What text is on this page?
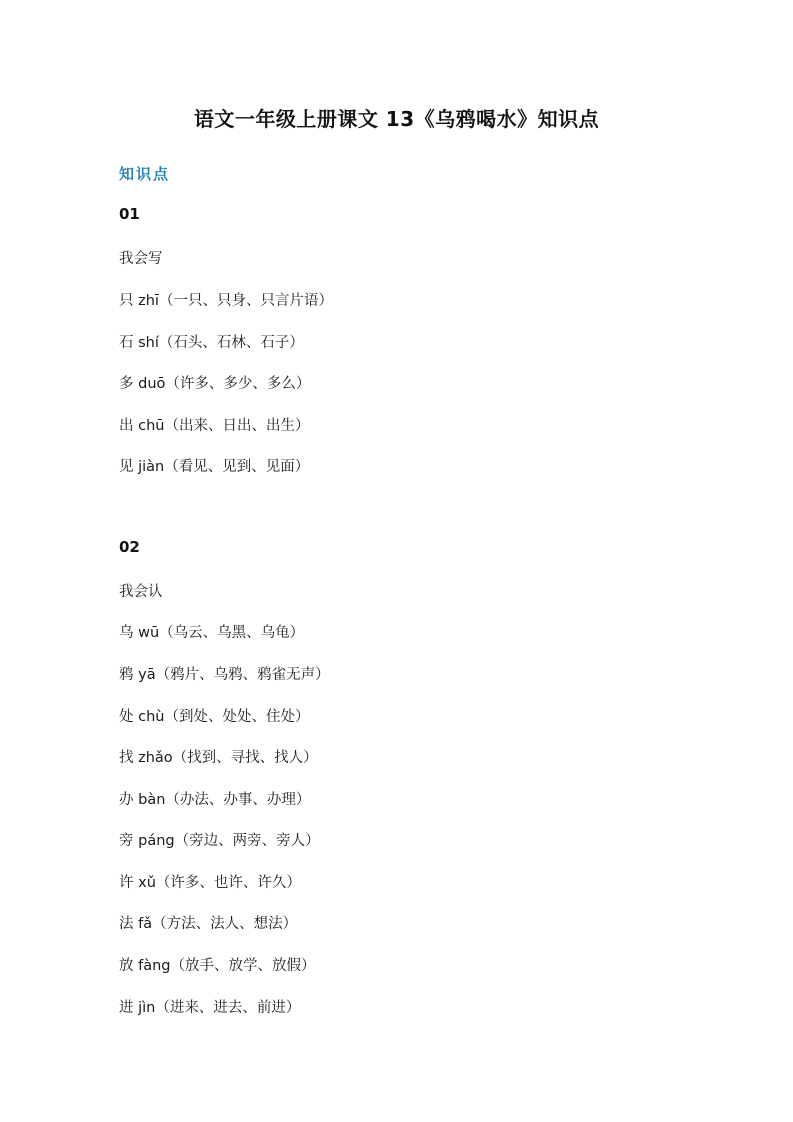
语文一年级上册课文 13《乌鸦喝水》知识点
知识点
01
我会写
只 zhī（一只、只身、只言片语）
石 shí（石头、石林、石子）
多 duō（许多、多少、多么）
出 chū（出来、日出、出生）
见 jiàn（看见、见到、见面）
02
我会认
乌 wū（乌云、乌黑、乌龟）
鸦 yā（鸦片、乌鸦、鸦雀无声）
处 chù（到处、处处、住处）
找 zhǎo（找到、寻找、找人）
办 bàn（办法、办事、办理）
旁 páng（旁边、两旁、旁人）
许 xǔ（许多、也许、许久）
法 fǎ（方法、法人、想法）
放 fàng（放手、放学、放假）
进 jìn（进来、进去、前进）
